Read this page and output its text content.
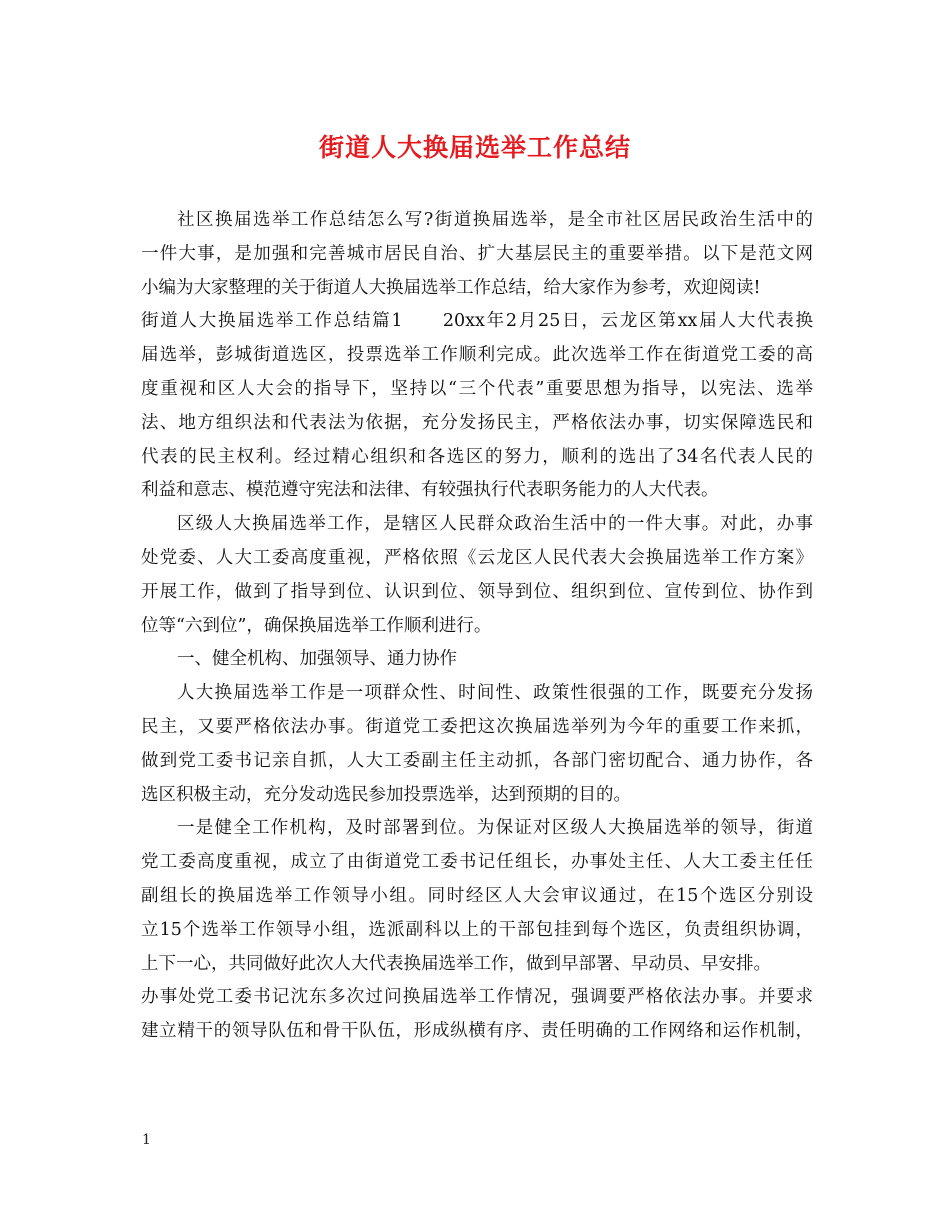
街道人大换届选举工作总结
社区换届选举工作总结怎么写?街道换届选举，是全市社区居民政治生活中的
一件大事，是加强和完善城市居民自治、扩大基层民主的重要举措。以下是范文网
小编为大家整理的关于街道人大换届选举工作总结，给大家作为参考，欢迎阅读!
街道人大换届选举工作总结篇1　　20xx年2月25日，云龙区第xx届人大代表换
届选举，彭城街道选区，投票选举工作顺利完成。此次选举工作在街道党工委的高
度重视和区人大会的指导下，坚持以“三个代表”重要思想为指导，以宪法、选举
法、地方组织法和代表法为依据，充分发扬民主，严格依法办事，切实保障选民和
代表的民主权利。经过精心组织和各选区的努力，顺利的选出了34名代表人民的
利益和意志、模范遵守宪法和法律、有较强执行代表职务能力的人大代表。
区级人大换届选举工作，是辖区人民群众政治生活中的一件大事。对此，办事
处党委、人大工委高度重视，严格依照《云龙区人民代表大会换届选举工作方案》
开展工作，做到了指导到位、认识到位、领导到位、组织到位、宣传到位、协作到
位等“六到位”，确保换届选举工作顺利进行。
一、健全机构、加强领导、通力协作
人大换届选举工作是一项群众性、时间性、政策性很强的工作，既要充分发扬
民主，又要严格依法办事。街道党工委把这次换届选举列为今年的重要工作来抓，
做到党工委书记亲自抓，人大工委副主任主动抓，各部门密切配合、通力协作，各
选区积极主动，充分发动选民参加投票选举，达到预期的目的。
一是健全工作机构，及时部署到位。为保证对区级人大换届选举的领导，街道
党工委高度重视，成立了由街道党工委书记任组长，办事处主任、人大工委主任任
副组长的换届选举工作领导小组。同时经区人大会审议通过，在15个选区分别设
立15个选举工作领导小组，选派副科以上的干部包挂到每个选区，负责组织协调，
上下一心，共同做好此次人大代表换届选举工作，做到早部署、早动员、早安排。
办事处党工委书记沈东多次过问换届选举工作情况，强调要严格依法办事。并要求
建立精干的领导队伍和骨干队伍，形成纵横有序、责任明确的工作网络和运作机制，
1
